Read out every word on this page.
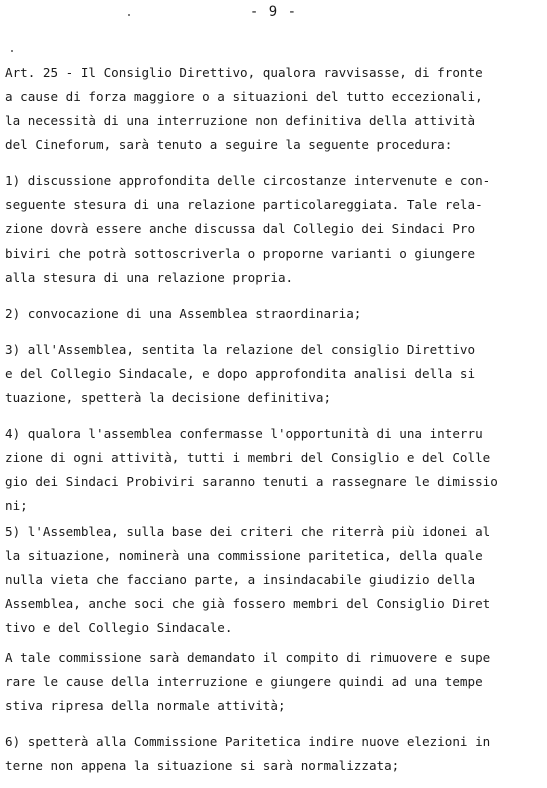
- 9 -
Art. 25 - Il Consiglio Direttivo, qualora ravvisasse, di fronte
a cause di forza maggiore o a situazioni del tutto eccezionali,
la necessità di una interruzione non definitiva della attività
del Cineforum, sarà tenuto a seguire la seguente procedura:
1) discussione approfondita delle circostanze intervenute e con-
seguente stesura di una relazione particolareggiata. Tale rela-
zione dovrà essere anche discussa dal Collegio dei Sindaci Pro
biviri che potrà sottoscriverla o proporne varianti o giungere
alla stesura di una relazione propria.
2) convocazione di una Assemblea straordinaria;
3) all'Assemblea, sentita la relazione del consiglio Direttivo
e del Collegio Sindacale, e dopo approfondita analisi della si
tuazione, spetterà la decisione definitiva;
4) qualora l'assemblea confermasse l'opportunità di una interru
zione di ogni attività, tutti i membri del Consiglio e del Colle
gio dei Sindaci Probiviri saranno tenuti a rassegnare le dimissio
ni;
5) l'Assemblea, sulla base dei criteri che riterrà più idonei al
la situazione, nominerà una commissione paritetica, della quale
nulla vieta che facciano parte, a insindacabile giudizio della
Assemblea, anche soci che già fossero membri del Consiglio Diret
tivo e del Collegio Sindacale.
A tale commissione sarà demandato il compito di rimuovere e supe
rare le cause della interruzione e giungere quindi ad una tempe
stiva ripresa della normale attività;
6) spetterà alla Commissione Paritetica indire nuove elezioni in
terne non appena la situazione si sarà normalizzata;
